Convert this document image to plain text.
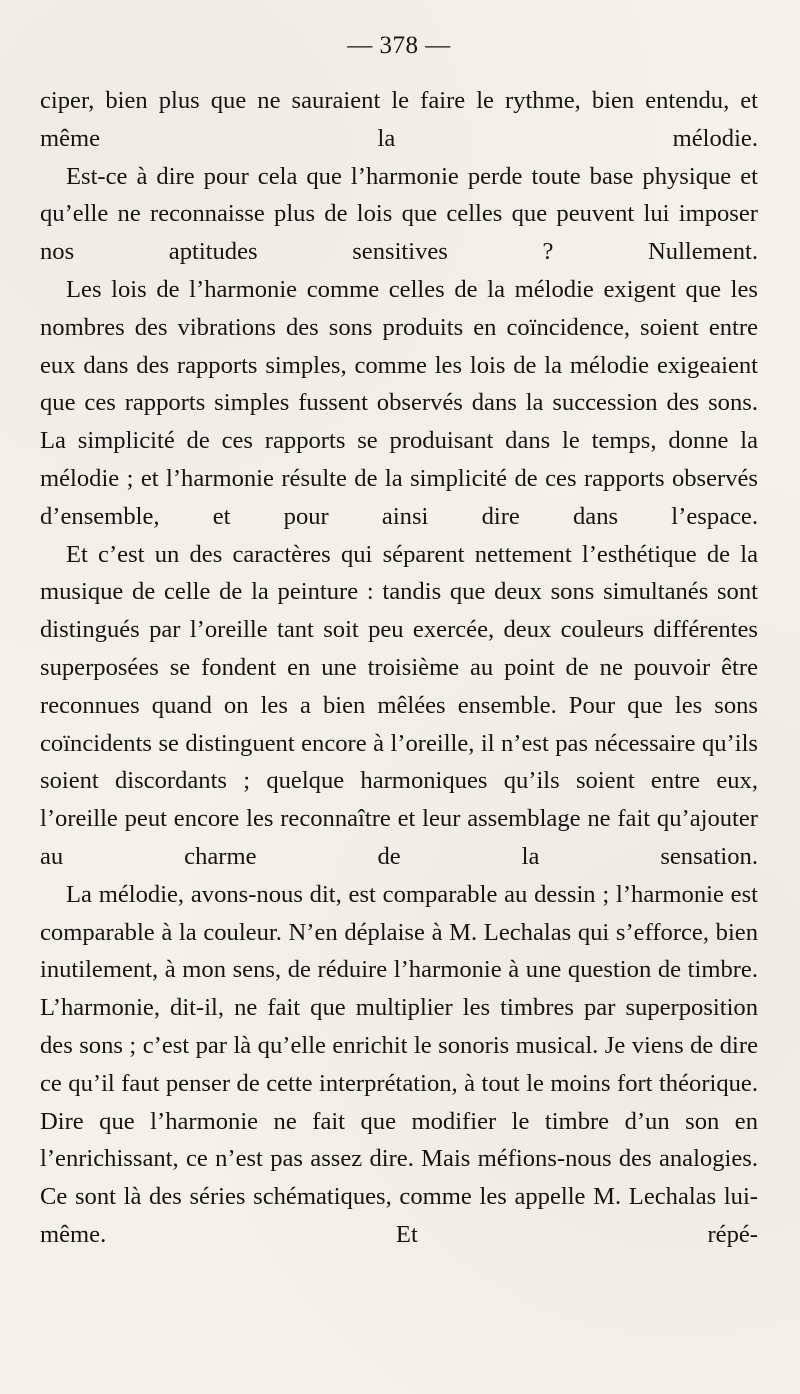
— 378 —

ciper, bien plus que ne sauraient le faire le rythme, bien entendu, et même la mélodie.

Est-ce à dire pour cela que l’harmonie perde toute base physique et qu’elle ne reconnaisse plus de lois que celles que peuvent lui imposer nos aptitudes sensitives ? Nullement.

Les lois de l’harmonie comme celles de la mélodie exigent que les nombres des vibrations des sons produits en coïncidence, soient entre eux dans des rapports simples, comme les lois de la mélodie exigeaient que ces rapports simples fussent observés dans la succession des sons. La simplicité de ces rapports se produisant dans le temps, donne la mélodie ; et l’harmonie résulte de la simplicité de ces rapports observés d’ensemble, et pour ainsi dire dans l’espace.

Et c’est un des caractères qui séparent nettement l’esthétique de la musique de celle de la peinture : tandis que deux sons simultanés sont distingués par l’oreille tant soit peu exercée, deux couleurs différentes superposées se fondent en une troisième au point de ne pouvoir être reconnues quand on les a bien mêlées ensemble. Pour que les sons coïncidents se distinguent encore à l’oreille, il n’est pas nécessaire qu’ils soient discordants ; quelque harmoniques qu’ils soient entre eux, l’oreille peut encore les reconnaître et leur assemblage ne fait qu’ajouter au charme de la sensation.

La mélodie, avons-nous dit, est comparable au dessin ; l’harmonie est comparable à la couleur. N’en déplaise à M. Lechalas qui s’efforce, bien inutilement, à mon sens, de réduire l’harmonie à une question de timbre. L’harmonie, dit-il, ne fait que multiplier les timbres par superposition des sons ; c’est par là qu’elle enrichit le sonoris musical. Je viens de dire ce qu’il faut penser de cette interprétation, à tout le moins fort théorique. Dire que l’harmonie ne fait que modifier le timbre d’un son en l’enrichissant, ce n’est pas assez dire. Mais méfions-nous des analogies. Ce sont là des séries schématiques, comme les appelle M. Lechalas lui-même. Et répé-
